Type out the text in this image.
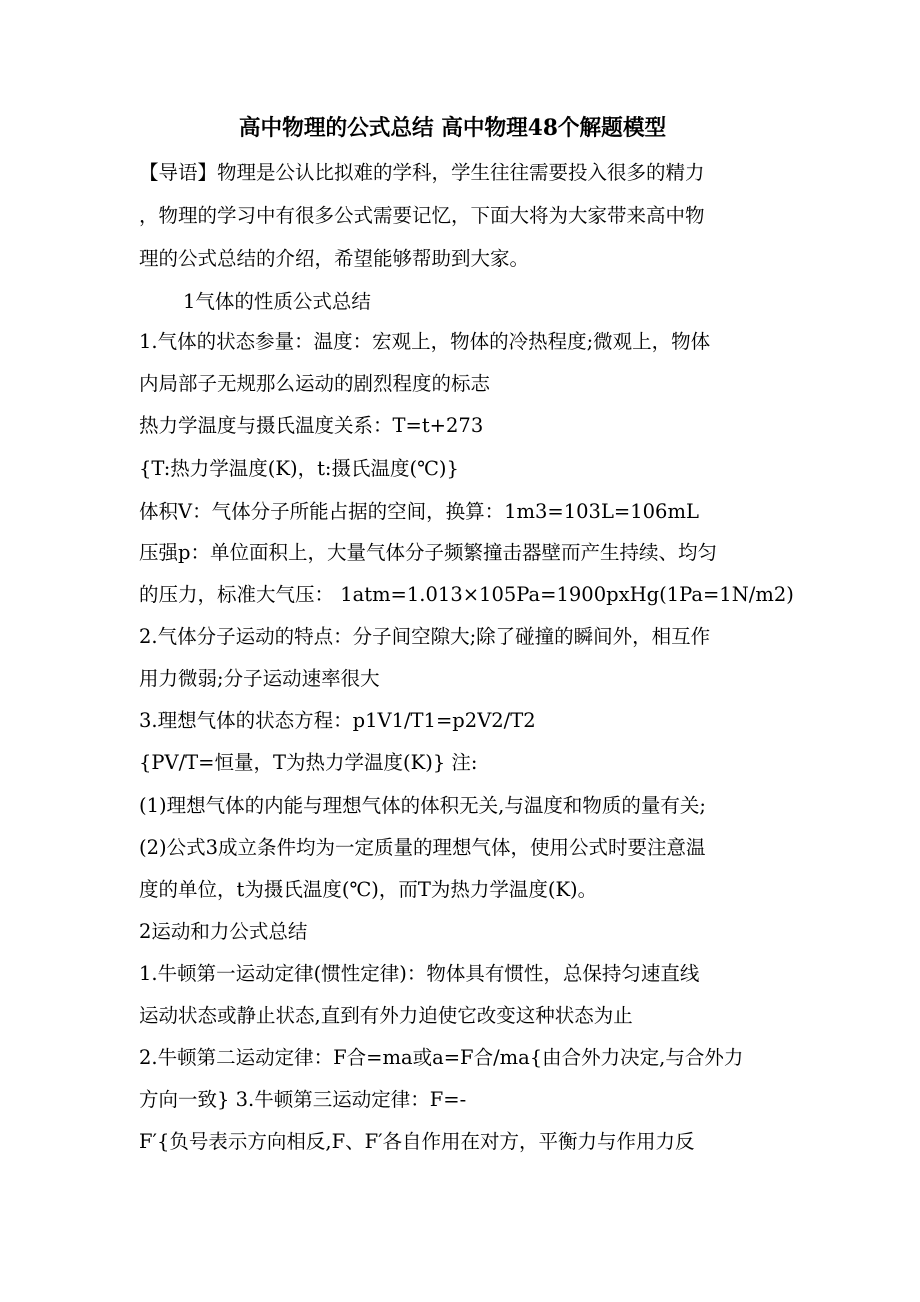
高中物理的公式总结 高中物理48个解题模型
【导语】物理是公认比拟难的学科，学生往往需要投入很多的精力
，物理的学习中有很多公式需要记忆，下面大将为大家带来高中物
理的公式总结的介绍，希望能够帮助到大家。
1气体的性质公式总结
1.气体的状态参量：温度：宏观上，物体的冷热程度;微观上，物体
内局部子无规那么运动的剧烈程度的标志
热力学温度与摄氏温度关系：T=t+273
{T:热力学温度(K)，t:摄氏温度(℃)}
体积V：气体分子所能占据的空间，换算：1m3=103L=106mL
压强p：单位面积上，大量气体分子频繁撞击器壁而产生持续、均匀
的压力，标准大气压： 1atm=1.013×105Pa=1900pxHg(1Pa=1N/m2)
2.气体分子运动的特点：分子间空隙大;除了碰撞的瞬间外，相互作
用力微弱;分子运动速率很大
3.理想气体的状态方程：p1V1/T1=p2V2/T2
{PV/T=恒量，T为热力学温度(K)} 注:
(1)理想气体的内能与理想气体的体积无关,与温度和物质的量有关;
(2)公式3成立条件均为一定质量的理想气体，使用公式时要注意温
度的单位，t为摄氏温度(℃)，而T为热力学温度(K)。
2运动和力公式总结
1.牛顿第一运动定律(惯性定律)：物体具有惯性，总保持匀速直线
运动状态或静止状态,直到有外力迫使它改变这种状态为止
2.牛顿第二运动定律：F合=ma或a=F合/ma{由合外力决定,与合外力
方向一致} 3.牛顿第三运动定律：F=-
F′{负号表示方向相反,F、F′各自作用在对方，平衡力与作用力反
